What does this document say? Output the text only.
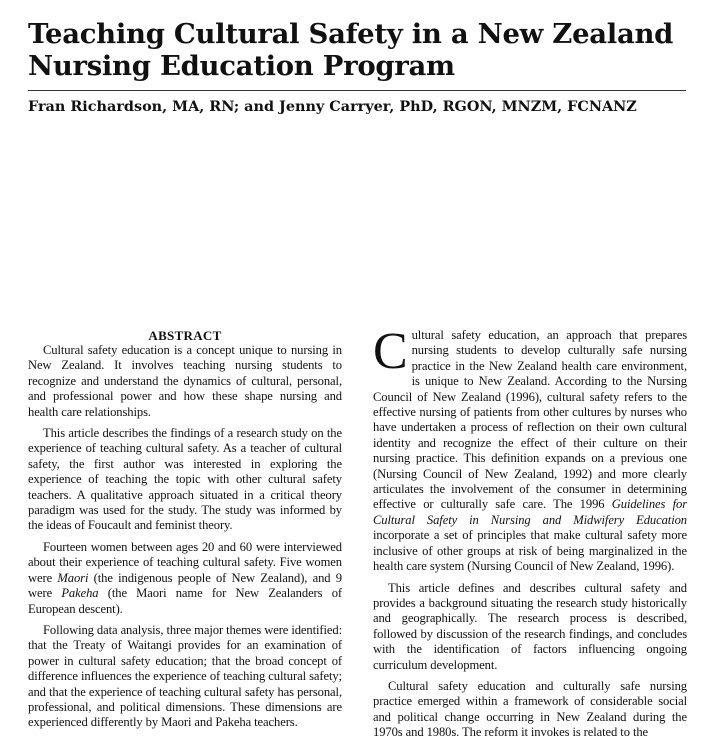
Teaching Cultural Safety in a New Zealand Nursing Education Program
Fran Richardson, MA, RN; and Jenny Carryer, PhD, RGON, MNZM, FCNANZ
ABSTRACT

Cultural safety education is a concept unique to nursing in New Zealand. It involves teaching nursing students to recognize and understand the dynamics of cultural, personal, and professional power and how these shape nursing and health care relationships.

This article describes the findings of a research study on the experience of teaching cultural safety. As a teacher of cultural safety, the first author was interested in exploring the experience of teaching the topic with other cultural safety teachers. A qualitative approach situated in a critical theory paradigm was used for the study. The study was informed by the ideas of Foucault and feminist theory.

Fourteen women between ages 20 and 60 were interviewed about their experience of teaching cultural safety. Five women were Maori (the indigenous people of New Zealand), and 9 were Pakeha (the Maori name for New Zealanders of European descent).

Following data analysis, three major themes were identified: that the Treaty of Waitangi provides for an examination of power in cultural safety education; that the broad concept of difference influences the experience of teaching cultural safety; and that the experience of teaching cultural safety has personal, professional, and political dimensions. These dimensions are experienced differently by Maori and Pakeha teachers.

Cultural safety education, an approach that prepares nursing students to develop culturally safe nursing practice in the New Zealand health care environment, is unique to New Zealand. According to the Nursing Council of New Zealand (1996), cultural safety refers to the effective nursing of patients from other cultures by nurses who have undertaken a process of reflection on their own cultural identity and recognize the effect of their culture on their nursing practice. This definition expands on a previous one (Nursing Council of New Zealand, 1992) and more clearly articulates the involvement of the consumer in determining effective or culturally safe care. The 1996 Guidelines for Cultural Safety in Nursing and Midwifery Education incorporate a set of principles that make cultural safety more inclusive of other groups at risk of being marginalized in the health care system (Nursing Council of New Zealand, 1996).

This article defines and describes cultural safety and provides a background situating the research study historically and geographically. The research process is described, followed by discussion of the research findings, and concludes with the identification of factors influencing ongoing curriculum development.

Cultural safety education and culturally safe nursing practice emerged within a framework of considerable social and political change occurring in New Zealand during the 1970s and 1980s. The reform it invokes is related to the
